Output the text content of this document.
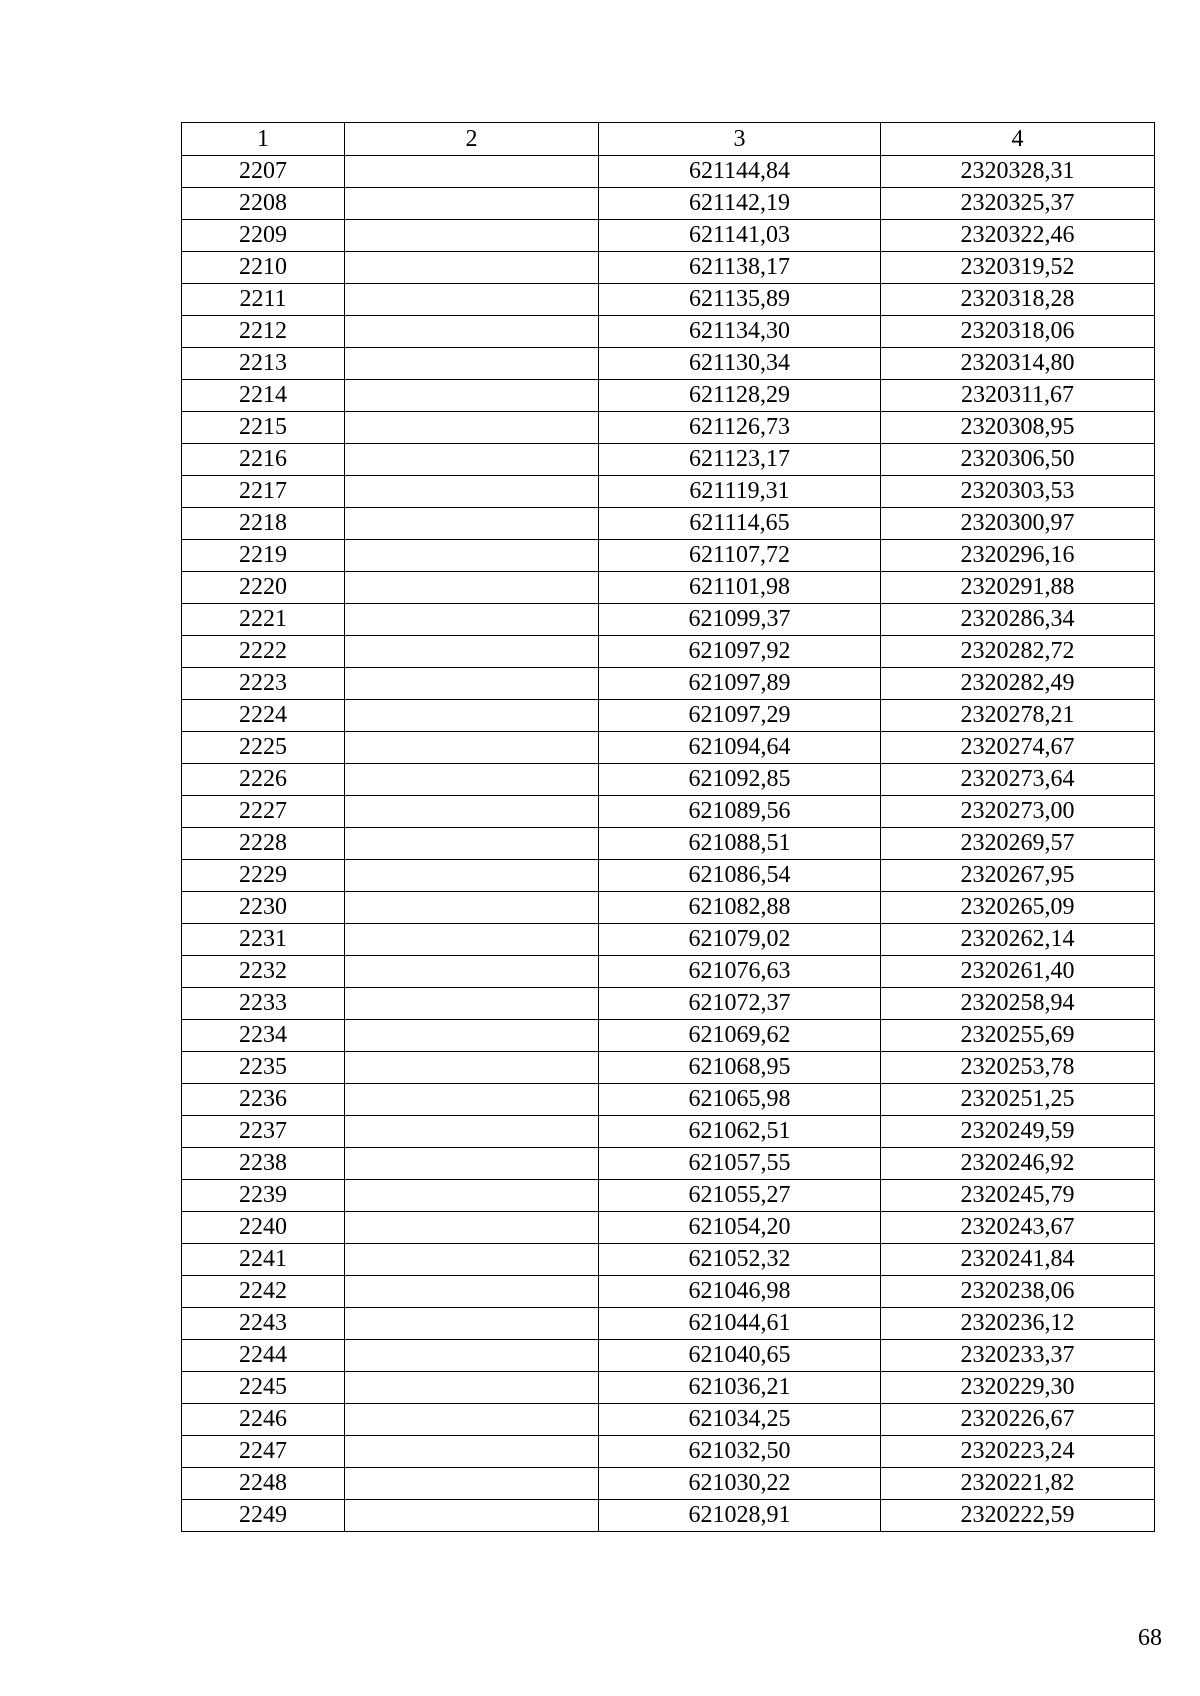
1	2	3	4
2207		621144,84	2320328,31
2208		621142,19	2320325,37
2209		621141,03	2320322,46
2210		621138,17	2320319,52
2211		621135,89	2320318,28
2212		621134,30	2320318,06
2213		621130,34	2320314,80
2214		621128,29	2320311,67
2215		621126,73	2320308,95
2216		621123,17	2320306,50
2217		621119,31	2320303,53
2218		621114,65	2320300,97
2219		621107,72	2320296,16
2220		621101,98	2320291,88
2221		621099,37	2320286,34
2222		621097,92	2320282,72
2223		621097,89	2320282,49
2224		621097,29	2320278,21
2225		621094,64	2320274,67
2226		621092,85	2320273,64
2227		621089,56	2320273,00
2228		621088,51	2320269,57
2229		621086,54	2320267,95
2230		621082,88	2320265,09
2231		621079,02	2320262,14
2232		621076,63	2320261,40
2233		621072,37	2320258,94
2234		621069,62	2320255,69
2235		621068,95	2320253,78
2236		621065,98	2320251,25
2237		621062,51	2320249,59
2238		621057,55	2320246,92
2239		621055,27	2320245,79
2240		621054,20	2320243,67
2241		621052,32	2320241,84
2242		621046,98	2320238,06
2243		621044,61	2320236,12
2244		621040,65	2320233,37
2245		621036,21	2320229,30
2246		621034,25	2320226,67
2247		621032,50	2320223,24
2248		621030,22	2320221,82
2249		621028,91	2320222,59
68
